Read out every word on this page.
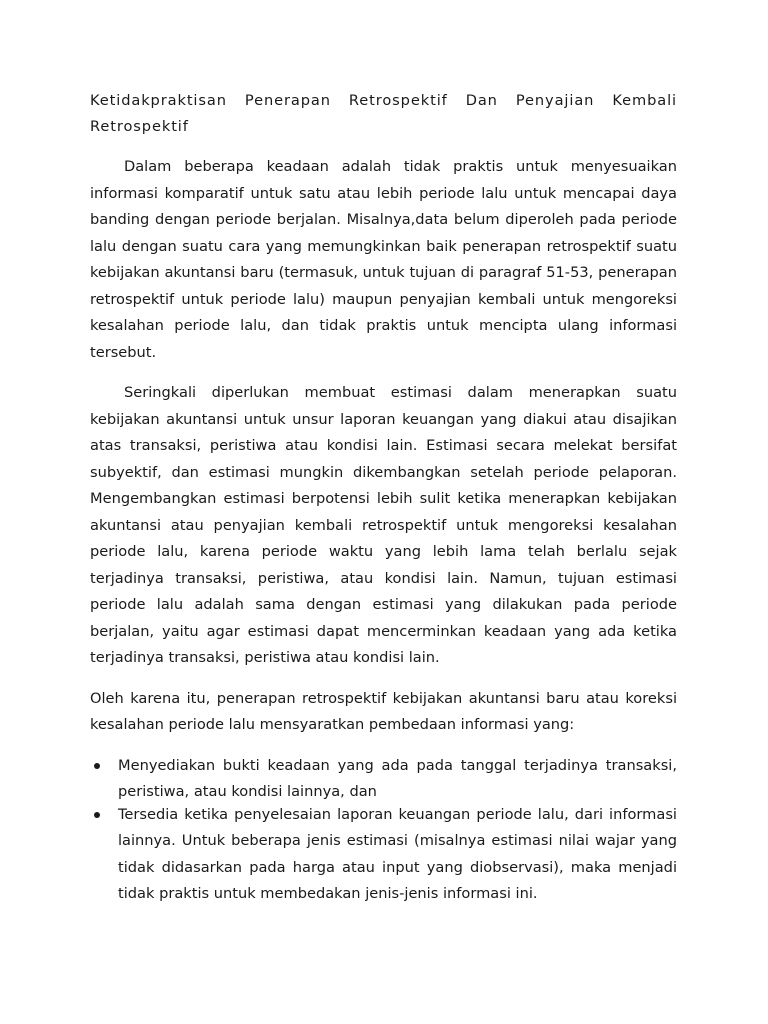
Ketidakpraktisan Penerapan Retrospektif Dan Penyajian Kembali Retrospektif

Dalam beberapa keadaan adalah tidak praktis untuk menyesuaikan informasi komparatif untuk satu atau lebih periode lalu untuk mencapai daya banding dengan periode berjalan. Misalnya,data belum diperoleh pada periode lalu dengan suatu cara yang memungkinkan baik penerapan retrospektif suatu kebijakan akuntansi baru (termasuk, untuk tujuan di paragraf 51-53, penerapan retrospektif untuk periode lalu) maupun penyajian kembali untuk mengoreksi kesalahan periode lalu, dan tidak praktis untuk mencipta ulang informasi tersebut.

Seringkali diperlukan membuat estimasi dalam menerapkan suatu kebijakan akuntansi untuk unsur laporan keuangan yang diakui atau disajikan atas transaksi, peristiwa atau kondisi lain. Estimasi secara melekat bersifat subyektif, dan estimasi mungkin dikembangkan setelah periode pelaporan. Mengembangkan estimasi berpotensi lebih sulit ketika menerapkan kebijakan akuntansi atau penyajian kembali retrospektif untuk mengoreksi kesalahan periode lalu, karena periode waktu yang lebih lama telah berlalu sejak terjadinya transaksi, peristiwa, atau kondisi lain. Namun, tujuan estimasi periode lalu adalah sama dengan estimasi yang dilakukan pada periode berjalan, yaitu agar estimasi dapat mencerminkan keadaan yang ada ketika terjadinya transaksi, peristiwa atau kondisi lain.

Oleh karena itu, penerapan retrospektif kebijakan akuntansi baru atau koreksi kesalahan periode lalu mensyaratkan pembedaan informasi yang:

Menyediakan bukti keadaan yang ada pada tanggal terjadinya transaksi, peristiwa, atau kondisi lainnya, dan
Tersedia ketika penyelesaian laporan keuangan periode lalu, dari informasi lainnya. Untuk beberapa jenis estimasi (misalnya estimasi nilai wajar yang tidak didasarkan pada harga atau input yang diobservasi), maka menjadi tidak praktis untuk membedakan jenis-jenis informasi ini.
